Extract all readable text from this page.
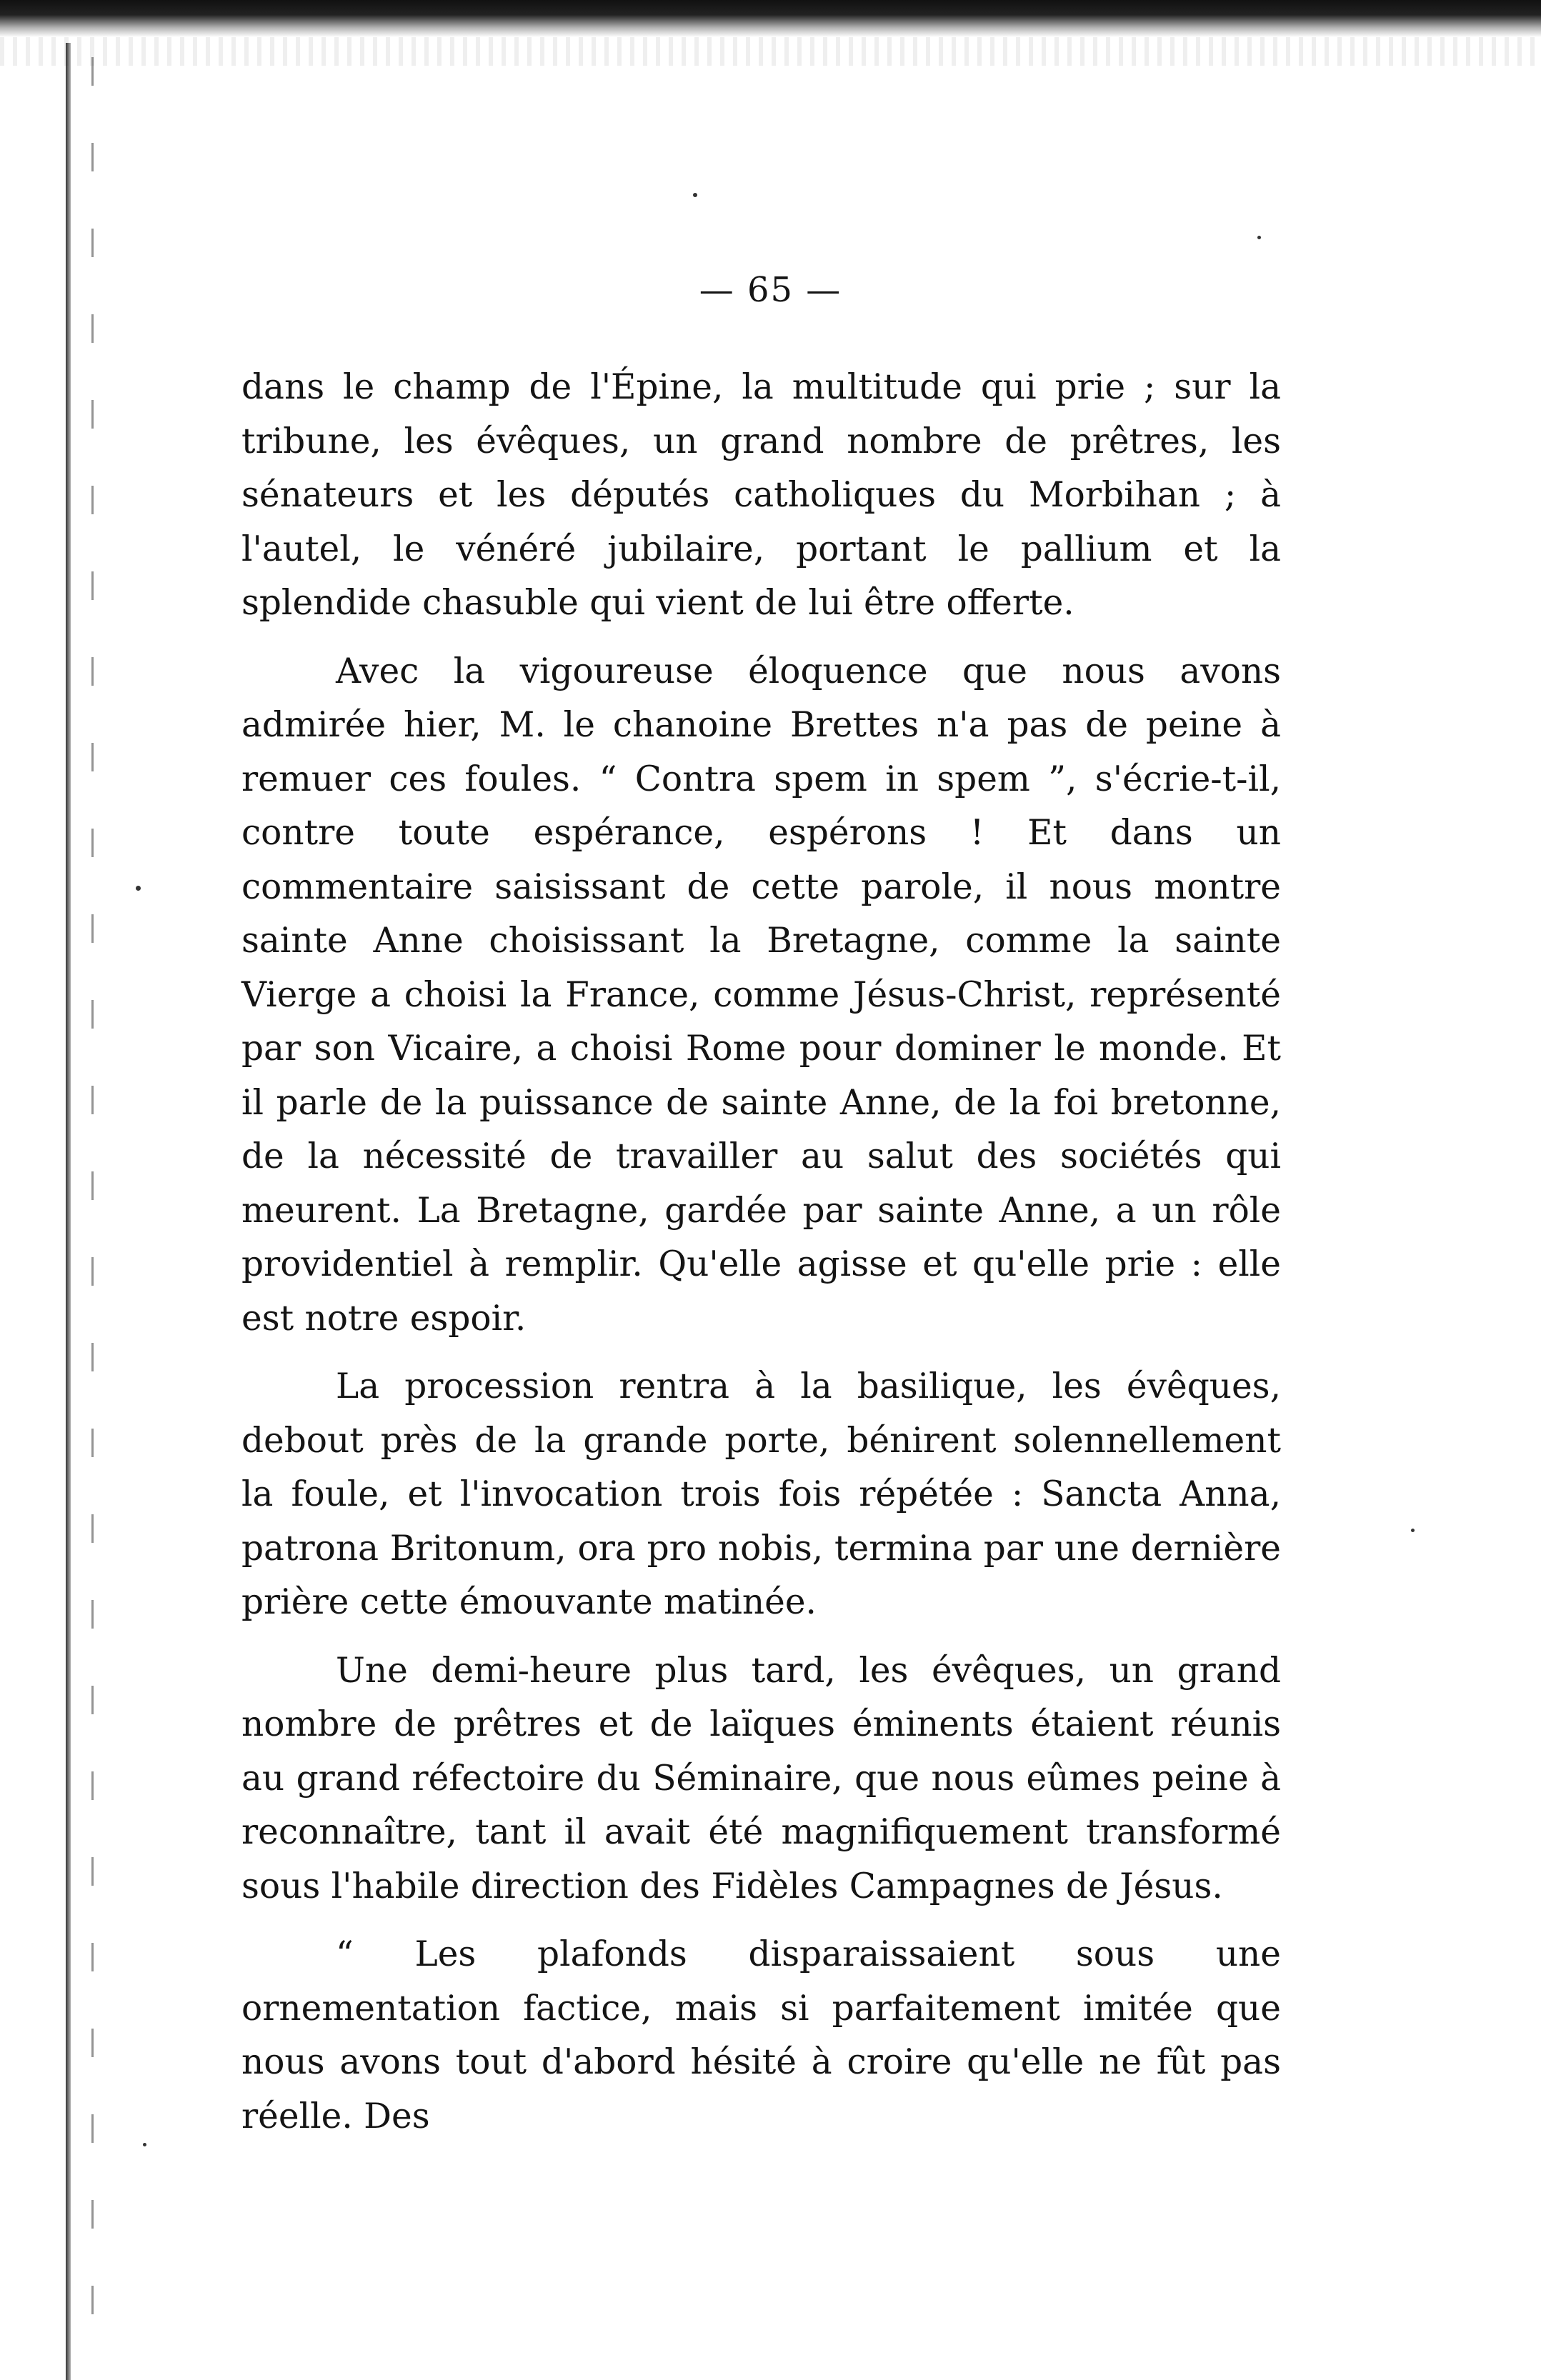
— 65 —

dans le champ de l'Épine, la multitude qui prie ; sur la tribune, les évêques, un grand nombre de prêtres, les sénateurs et les députés catholiques du Morbihan ; à l'autel, le vénéré jubilaire, portant le pallium et la splendide chasuble qui vient de lui être offerte.

Avec la vigoureuse éloquence que nous avons admirée hier, M. le chanoine Brettes n'a pas de peine à remuer ces foules. “ Contra spem in spem ”, s'écrie-t-il, contre toute espérance, espérons ! Et dans un commentaire saisissant de cette parole, il nous montre sainte Anne choisissant la Bretagne, comme la sainte Vierge a choisi la France, comme Jésus-Christ, représenté par son Vicaire, a choisi Rome pour dominer le monde. Et il parle de la puissance de sainte Anne, de la foi bretonne, de la nécessité de travailler au salut des sociétés qui meurent. La Bretagne, gardée par sainte Anne, a un rôle providentiel à remplir. Qu'elle agisse et qu'elle prie : elle est notre espoir.

La procession rentra à la basilique, les évêques, debout près de la grande porte, bénirent solennellement la foule, et l'invocation trois fois répétée : Sancta Anna, patrona Britonum, ora pro nobis, termina par une dernière prière cette émouvante matinée.

Une demi-heure plus tard, les évêques, un grand nombre de prêtres et de laïques éminents étaient réunis au grand réfectoire du Séminaire, que nous eûmes peine à reconnaître, tant il avait été magnifiquement transformé sous l'habile direction des Fidèles Campagnes de Jésus.

“ Les plafonds disparaissaient sous une ornementation factice, mais si parfaitement imitée que nous avons tout d'abord hésité à croire qu'elle ne fût pas réelle. Des
